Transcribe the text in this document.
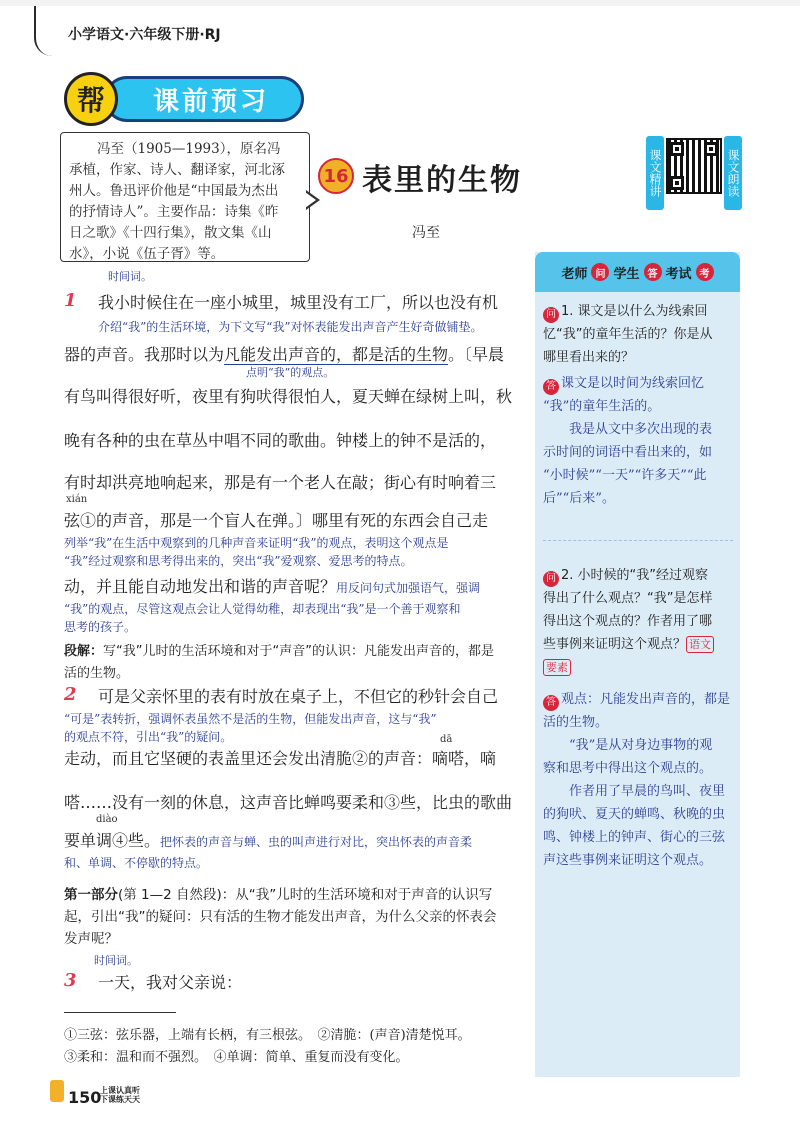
小学语文·六年级下册·RJ
课前预习
帮
冯至（1905—1993），原名冯
承植，作家、诗人、翻译家，河北涿
州人。鲁迅评价他是“中国最为杰出
的抒情诗人”。主要作品：诗集《昨
日之歌》《十四行集》，散文集《山
水》，小说《伍子胥》等。
16 表里的生物
冯至
课文精讲	课文朗读
老师 问 学生 答 考试 考
问 1. 课文是以什么为线索回
忆“我”的童年生活的？你是从
哪里看出来的？
答 课文是以时间为线索回忆
“我”的童年生活的。
　　我是从文中多次出现的表
示时间的词语中看出来的，如
“小时候”“一天”“许多天”“此
后”“后来”。
问 2. 小时候的“我”经过观察
得出了什么观点？“我”是怎样
得出这个观点的？作者用了哪
些事例来证明这个观点？ 语文
要素
答 观点：凡能发出声音的，都是
活的生物。
　　“我”是从对身边事物的观
察和思考中得出这个观点的。
　　作者用了早晨的鸟叫、夜里
的狗吠、夏天的蝉鸣、秋晚的虫
鸣、钟楼上的钟声、街心的三弦
声这些事例来证明这个观点。
时间词。
1 我小时候住在一座小城里，城里没有工厂，所以也没有机
介绍“我”的生活环境，为下文写“我”对怀表能发出声音产生好奇做铺垫。
器的声音。我那时以为凡能发出声音的，都是活的生物。〔早晨
点明“我”的观点。
有鸟叫得很好听，夜里有狗吠得很怕人，夏天蝉在绿树上叫，秋
晚有各种的虫在草丛中唱不同的歌曲。钟楼上的钟不是活的，
有时却洪亮地响起来，那是有一个老人在敲；街心有时响着三
xián
弦①的声音，那是一个盲人在弹。〕哪里有死的东西会自己走
列举“我”在生活中观察到的几种声音来证明“我”的观点，表明这个观点是
“我”经过观察和思考得出来的，突出“我”爱观察、爱思考的特点。
动，并且能自动地发出和谐的声音呢？用反问句式加强语气，强调
“我”的观点，尽管这观点会让人觉得幼稚，却表现出“我”是一个善于观察和
思考的孩子。
段解：写“我”儿时的生活环境和对于“声音”的认识：凡能发出声音的，都是
活的生物。
2 可是父亲怀里的表有时放在桌子上，不但它的秒针会自己
“可是”表转折，强调怀表虽然不是活的生物，但能发出声音，这与“我”
的观点不符，引出“我”的疑问。	dā
走动，而且它坚硬的表盖里还会发出清脆②的声音：嘀嗒，嘀
嗒……没有一刻的休息，这声音比蝉鸣要柔和③些，比虫的歌曲
diào
要单调④些。把怀表的声音与蝉、虫的叫声进行对比，突出怀表的声音柔
和、单调、不停歇的特点。
第一部分(第 1—2 自然段)：从“我”儿时的生活环境和对于声音的认识写
起，引出“我”的疑问：只有活的生物才能发出声音，为什么父亲的怀表会
发声呢？
时间词。
3 一天，我对父亲说：
①三弦：弦乐器，上端有长柄，有三根弦。　②清脆：(声音)清楚悦耳。
③柔和：温和而不强烈。　④单调：简单、重复而没有变化。
150
上课认真听
下课练天天
